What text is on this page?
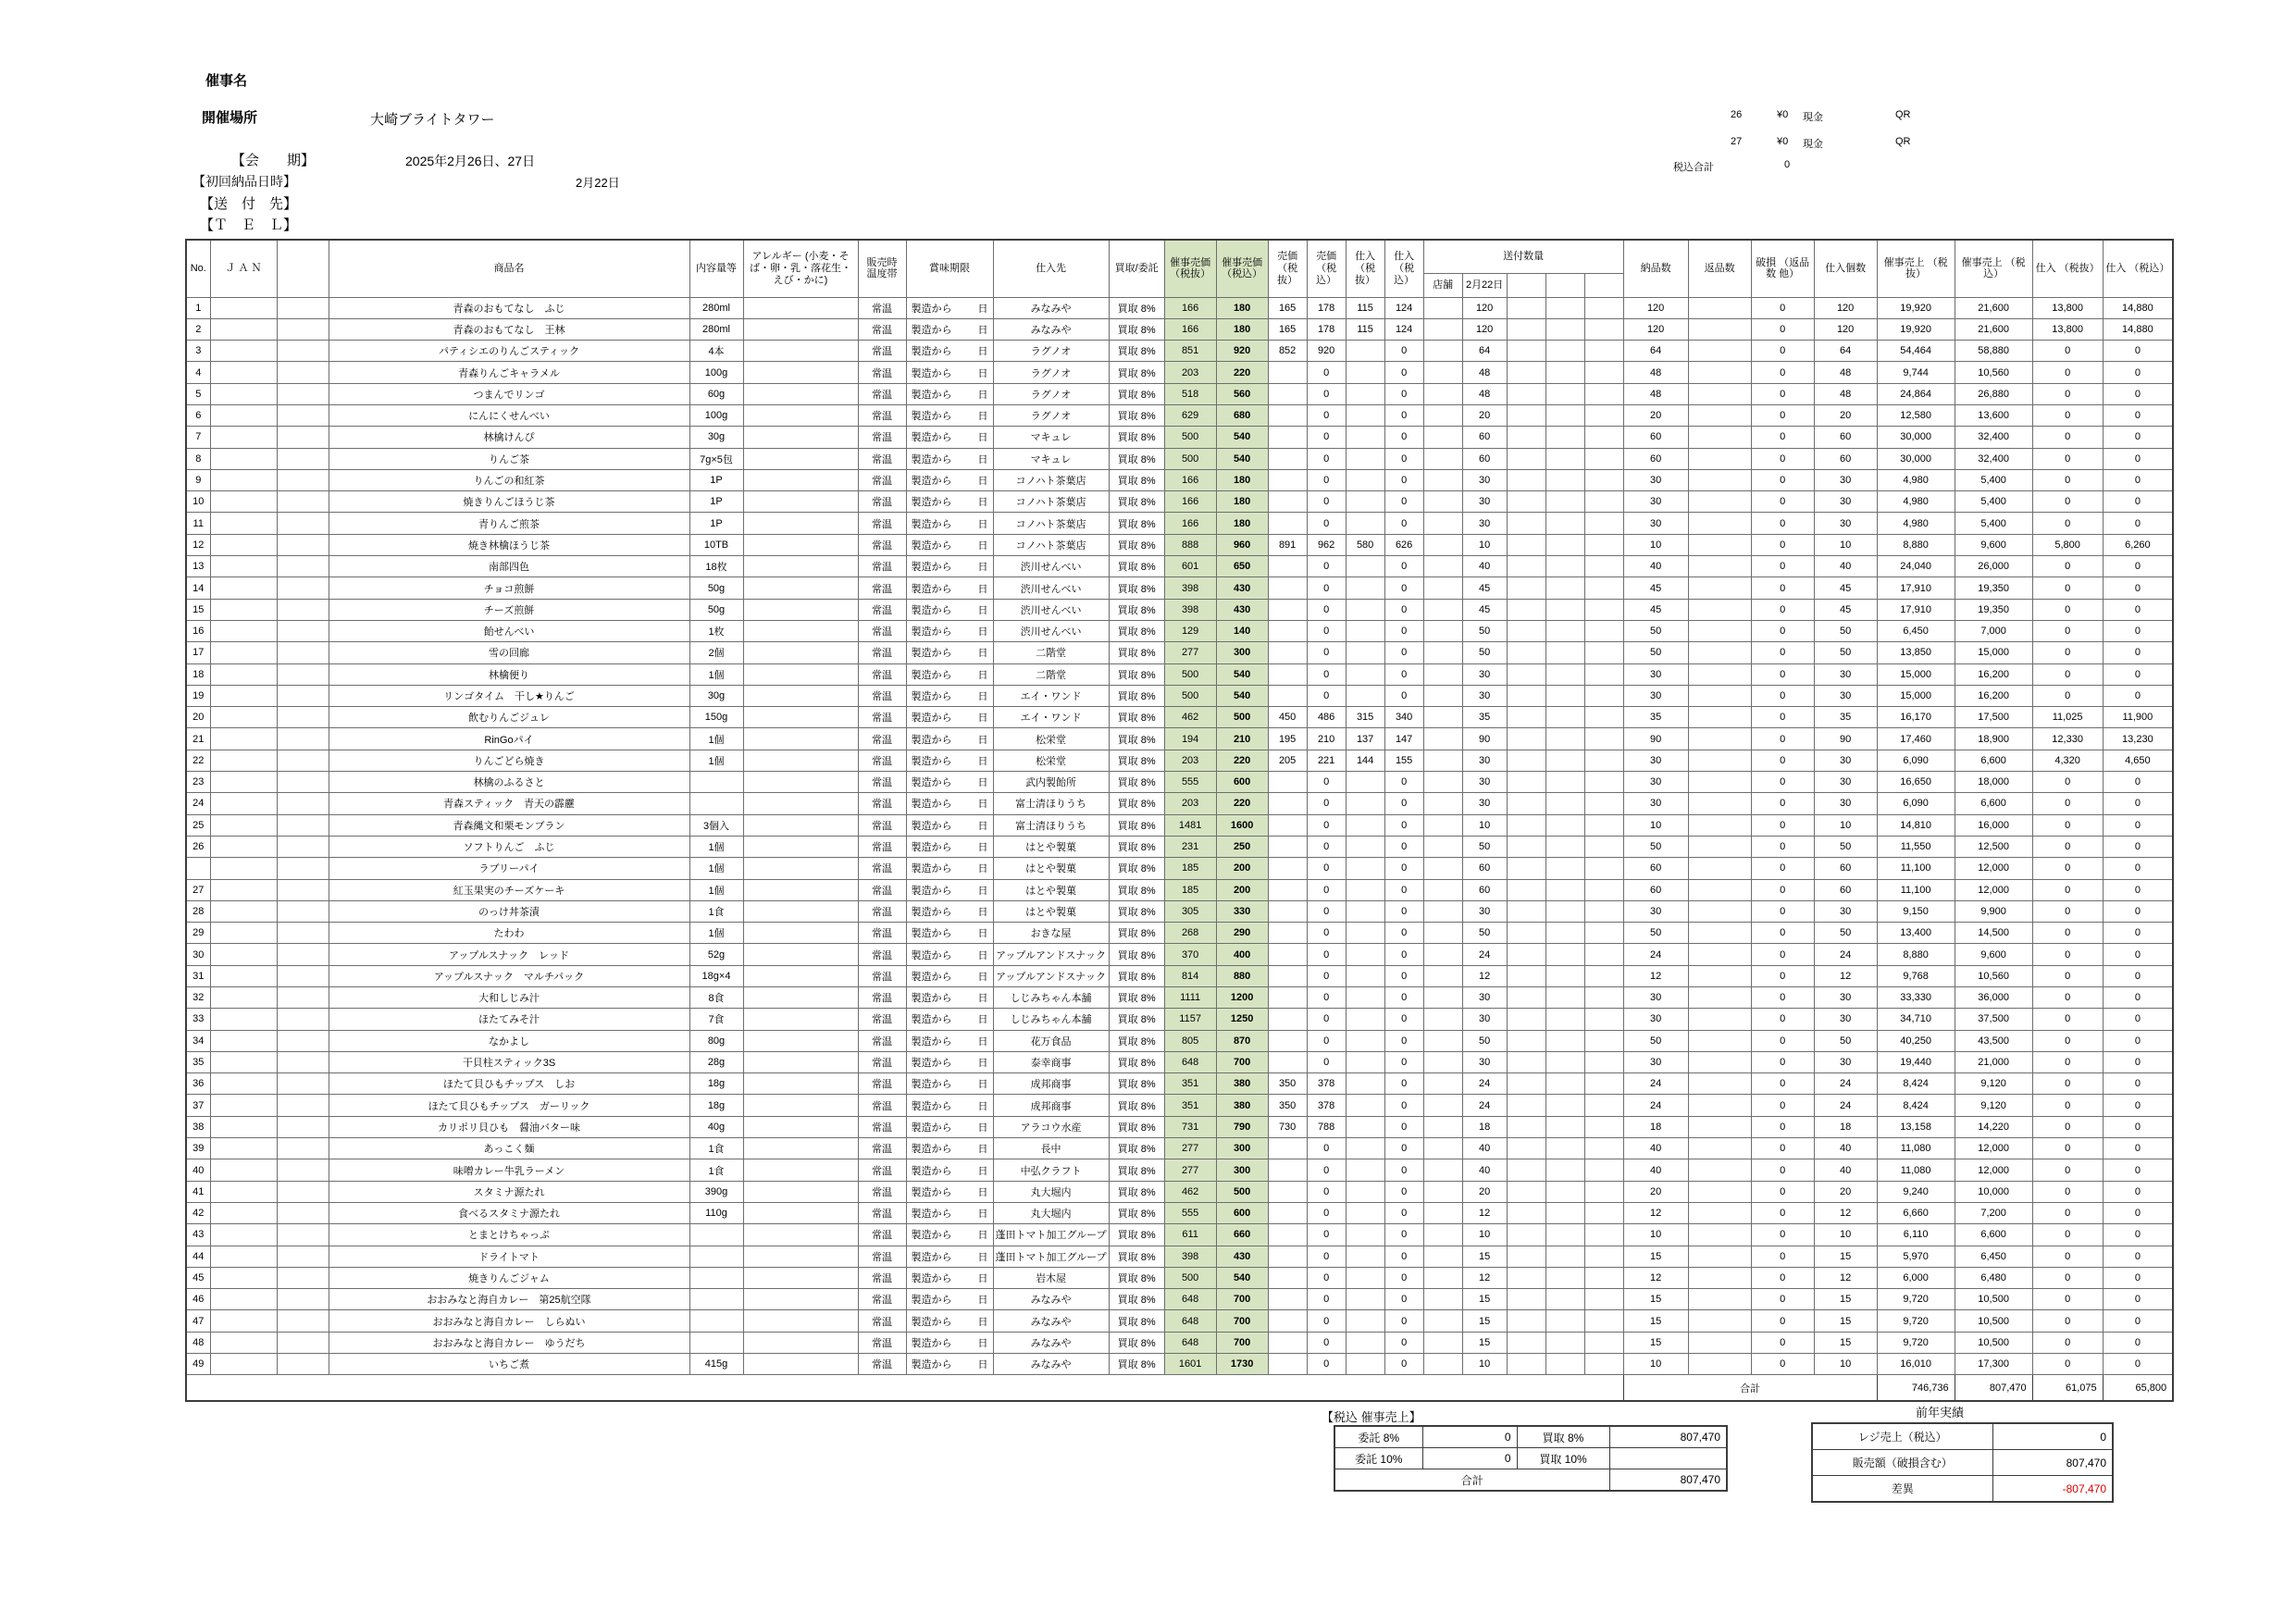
催事名
開催場所	大崎ブライトタワー
【会　　期】	2025年2月26日、27日
【初回納品日時】	2月22日
【送　付　先】
【Ｔ　Ｅ　Ｌ】
26	¥0 現金	QR
27	¥0 現金	QR
税込合計	0
No.	Ｊ Ａ Ｎ		商品名	内容量等	アレルギー (小麦・そば・卵・乳・落花生・えび・かに)	販売時 温度帯	賞味期限	仕入先	買取/委託	催事売価 （税抜）	催事売価 （税込）	売価 （税抜）	売価 （税込）	仕入 （税抜）	仕入 （税込）	送付数量					納品数	返品数	破損 （返品数 他）	仕入個数	催事売上 （税抜）	催事売上 （税込）	仕入 （税抜）	仕入 （税込）
																店舗	2月22日											
1			青森のおもてなし　ふじ	280ml		常温	製造から 日	みなみや	買取 8%	166	180	165	178	115	124		120				120		0	120	19,920	21,600	13,800	14,880
2			青森のおもてなし　王林	280ml		常温	製造から 日	みなみや	買取 8%	166	180	165	178	115	124		120				120		0	120	19,920	21,600	13,800	14,880
3			パティシエのりんごスティック	4本		常温	製造から 日	ラグノオ	買取 8%	851	920	852	920		0		64				64		0	64	54,464	58,880	0	0
4			青森りんごキャラメル	100g		常温	製造から 日	ラグノオ	買取 8%	203	220		0		0		48				48		0	48	9,744	10,560	0	0
5			つまんでリンゴ	60g		常温	製造から 日	ラグノオ	買取 8%	518	560		0		0		48				48		0	48	24,864	26,880	0	0
6			にんにくせんべい	100g		常温	製造から 日	ラグノオ	買取 8%	629	680		0		0		20				20		0	20	12,580	13,600	0	0
7			林檎けんぴ	30g		常温	製造から 日	マキュレ	買取 8%	500	540		0		0		60				60		0	60	30,000	32,400	0	0
8			りんご茶	7g×5包		常温	製造から 日	マキュレ	買取 8%	500	540		0		0		60				60		0	60	30,000	32,400	0	0
9			りんごの和紅茶	1P		常温	製造から 日	コノハト茶葉店	買取 8%	166	180		0		0		30				30		0	30	4,980	5,400	0	0
10			焼きりんごほうじ茶	1P		常温	製造から 日	コノハト茶葉店	買取 8%	166	180		0		0		30				30		0	30	4,980	5,400	0	0
11			青りんご煎茶	1P		常温	製造から 日	コノハト茶葉店	買取 8%	166	180		0		0		30				30		0	30	4,980	5,400	0	0
12			焼き林檎ほうじ茶	10TB		常温	製造から 日	コノハト茶葉店	買取 8%	888	960	891	962	580	626		10				10		0	10	8,880	9,600	5,800	6,260
13			南部四色	18枚		常温	製造から 日	渋川せんべい	買取 8%	601	650		0		0		40				40		0	40	24,040	26,000	0	0
14			チョコ煎餅	50g		常温	製造から 日	渋川せんべい	買取 8%	398	430		0		0		45				45		0	45	17,910	19,350	0	0
15			チーズ煎餅	50g		常温	製造から 日	渋川せんべい	買取 8%	398	430		0		0		45				45		0	45	17,910	19,350	0	0
16			飴せんべい	1枚		常温	製造から 日	渋川せんべい	買取 8%	129	140		0		0		50				50		0	50	6,450	7,000	0	0
17			雪の回廊	2個		常温	製造から 日	二階堂	買取 8%	277	300		0		0		50				50		0	50	13,850	15,000	0	0
18			林檎便り	1個		常温	製造から 日	二階堂	買取 8%	500	540		0		0		30				30		0	30	15,000	16,200	0	0
19			リンゴタイム　干し★りんご	30g		常温	製造から 日	エイ・ワンド	買取 8%	500	540		0		0		30				30		0	30	15,000	16,200	0	0
20			飲むりんごジュレ	150g		常温	製造から 日	エイ・ワンド	買取 8%	462	500	450	486	315	340		35				35		0	35	16,170	17,500	11,025	11,900
21			RinGoパイ	1個		常温	製造から 日	松栄堂	買取 8%	194	210	195	210	137	147		90				90		0	90	17,460	18,900	12,330	13,230
22			りんごどら焼き	1個		常温	製造から 日	松栄堂	買取 8%	203	220	205	221	144	155		30				30		0	30	6,090	6,600	4,320	4,650
23			林檎のふるさと			常温	製造から 日	武内製飴所	買取 8%	555	600		0		0		30				30		0	30	16,650	18,000	0	0
24			青森スティック　青天の霹靂			常温	製造から 日	富士清ほりうち	買取 8%	203	220		0		0		30				30		0	30	6,090	6,600	0	0
25			青森縄文和栗モンブラン	3個入		常温	製造から 日	富士清ほりうち	買取 8%	1481	1600		0		0		10				10		0	10	14,810	16,000	0	0
26			ソフトりんご　ふじ	1個		常温	製造から 日	はとや製菓	買取 8%	231	250		0		0		50				50		0	50	11,550	12,500	0	0
			ラブリーパイ	1個		常温	製造から 日	はとや製菓	買取 8%	185	200		0		0		60				60		0	60	11,100	12,000	0	0
27			紅玉果実のチーズケーキ	1個		常温	製造から 日	はとや製菓	買取 8%	185	200		0		0		60				60		0	60	11,100	12,000	0	0
28			のっけ丼茶漬	1食		常温	製造から 日	はとや製菓	買取 8%	305	330		0		0		30				30		0	30	9,150	9,900	0	0
29			たわわ	1個		常温	製造から 日	おきな屋	買取 8%	268	290		0		0		50				50		0	50	13,400	14,500	0	0
30			アップルスナック　レッド	52g		常温	製造から 日	アップルアンドスナック	買取 8%	370	400		0		0		24				24		0	24	8,880	9,600	0	0
31			アップルスナック　マルチパック	18g×4		常温	製造から 日	アップルアンドスナック	買取 8%	814	880		0		0		12				12		0	12	9,768	10,560	0	0
32			大和しじみ汁	8食		常温	製造から 日	しじみちゃん本舗	買取 8%	1111	1200		0		0		30				30		0	30	33,330	36,000	0	0
33			ほたてみそ汁	7食		常温	製造から 日	しじみちゃん本舗	買取 8%	1157	1250		0		0		30				30		0	30	34,710	37,500	0	0
34			なかよし	80g		常温	製造から 日	花万食品	買取 8%	805	870		0		0		50				50		0	50	40,250	43,500	0	0
35			干貝柱スティック3S	28g		常温	製造から 日	泰幸商事	買取 8%	648	700		0		0		30				30		0	30	19,440	21,000	0	0
36			ほたて貝ひもチップス　しお	18g		常温	製造から 日	成邦商事	買取 8%	351	380	350	378		0		24				24		0	24	8,424	9,120	0	0
37			ほたて貝ひもチップス　ガーリック	18g		常温	製造から 日	成邦商事	買取 8%	351	380	350	378		0		24				24		0	24	8,424	9,120	0	0
38			カリポリ貝ひも　醤油バター味	40g		常温	製造から 日	アラコウ水産	買取 8%	731	790	730	788		0		18				18		0	18	13,158	14,220	0	0
39			あっこく麺	1食		常温	製造から 日	長中	買取 8%	277	300		0		0		40				40		0	40	11,080	12,000	0	0
40			味噌カレー牛乳ラーメン	1食		常温	製造から 日	中弘クラフト	買取 8%	277	300		0		0		40				40		0	40	11,080	12,000	0	0
41			スタミナ源たれ	390g		常温	製造から 日	丸大堀内	買取 8%	462	500		0		0		20				20		0	20	9,240	10,000	0	0
42			食べるスタミナ源たれ	110g		常温	製造から 日	丸大堀内	買取 8%	555	600		0		0		12				12		0	12	6,660	7,200	0	0
43			とまとけちゃっぷ			常温	製造から 日	蓬田トマト加工グループ	買取 8%	611	660		0		0		10				10		0	10	6,110	6,600	0	0
44			ドライトマト			常温	製造から 日	蓬田トマト加工グループ	買取 8%	398	430		0		0		15				15		0	15	5,970	6,450	0	0
45			焼きりんごジャム			常温	製造から 日	岩木屋	買取 8%	500	540		0		0		12				12		0	12	6,000	6,480	0	0
46			おおみなと海自カレー　第25航空隊			常温	製造から 日	みなみや	買取 8%	648	700		0		0		15				15		0	15	9,720	10,500	0	0
47			おおみなと海自カレー　しらぬい			常温	製造から 日	みなみや	買取 8%	648	700		0		0		15				15		0	15	9,720	10,500	0	0
48			おおみなと海自カレー　ゆうだち			常温	製造から 日	みなみや	買取 8%	648	700		0		0		15				15		0	15	9,720	10,500	0	0
49			いちご煮	415g		常温	製造から 日	みなみや	買取 8%	1601	1730		0		0		10				10		0	10	16,010	17,300	0	0
																					合計				746,736	807,470	61,075	65,800
【税込 催事売上】
委託 8%	0	買取 8%	807,470
委託 10%	0	買取 10%	
合計			807,470
前年実績
レジ売上（税込）	0
販売額（破損含む）	807,470
差異	-807,470
